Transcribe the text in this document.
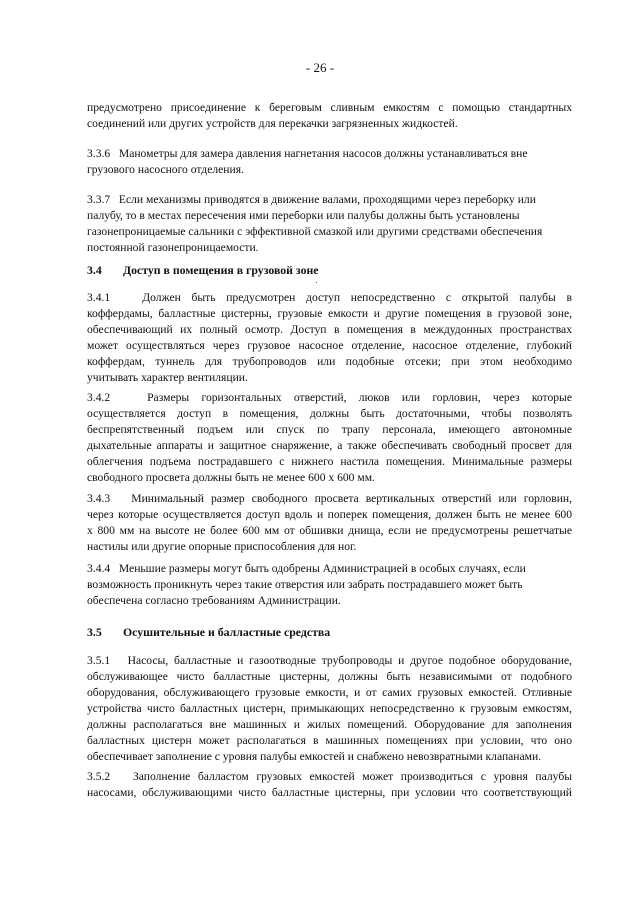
- 26 -
предусмотрено присоединение к береговым сливным емкостям с помощью стандартных
соединений или других устройств для перекачки загрязненных жидкостей.
3.3.6 Манометры для замера давления нагнетания насосов должны устанавливаться вне
грузового насосного отделения.
3.3.7 Если механизмы приводятся в движение валами, проходящими через переборку или
палубу, то в местах пересечения ими переборки или палубы должны быть установлены
газонепроницаемые сальники с эффективной смазкой или другими средствами обеспечения
постоянной газонепроницаемости.
3.4 Доступ в помещения в грузовой зоне
3.4.1	Должен быть предусмотрен доступ непосредственно с открытой палубы в
коффердамы, балластные цистерны, грузовые емкости и другие помещения в грузовой зоне,
обеспечивающий их полный осмотр. Доступ в помещения в междудонных пространствах
может осуществляться через грузовое насосное отделение, насосное отделение, глубокий
коффердам, туннель для трубопроводов или подобные отсеки; при этом необходимо
учитывать характер вентиляции.
3.4.2	Размеры горизонтальных отверстий, люков или горловин, через которые
осуществляется доступ в помещения, должны быть достаточными, чтобы позволять
беспрепятственный подъем или спуск по трапу персонала, имеющего автономные
дыхательные аппараты и защитное снаряжение, а также обеспечивать свободный просвет для
облегчения подъема пострадавшего с нижнего настила помещения. Минимальные размеры
свободного просвета должны быть не менее 600 x 600 мм.
3.4.3 Минимальный размер свободного просвета вертикальных отверстий или горловин,
через которые осуществляется доступ вдоль и поперек помещения, должен быть не менее 600
x 800 мм на высоте не более 600 мм от обшивки днища, если не предусмотрены решетчатые
настилы или другие опорные приспособления для ног.
3.4.4 Меньшие размеры могут быть одобрены Администрацией в особых случаях, если
возможность проникнуть через такие отверстия или забрать пострадавшего может быть
обеспечена согласно требованиям Администрации.
3.5 Осушительные и балластные средства
3.5.1 Насосы, балластные и газоотводные трубопроводы и другое подобное оборудование,
обслуживающее чисто балластные цистерны, должны быть независимыми от подобного
оборудования, обслуживающего грузовые емкости, и от самих грузовых емкостей. Отливные
устройства чисто балластных цистерн, примыкающих непосредственно к грузовым емкостям,
должны располагаться вне машинных и жилых помещений. Оборудование для заполнения
балластных цистерн может располагаться в машинных помещениях при условии, что оно
обеспечивает заполнение с уровня палубы емкостей и снабжено невозвратными клапанами.
3.5.2 Заполнение балластом грузовых емкостей может производиться с уровня палубы
насосами, обслуживающими чисто балластные цистерны, при условии что соответствующий
